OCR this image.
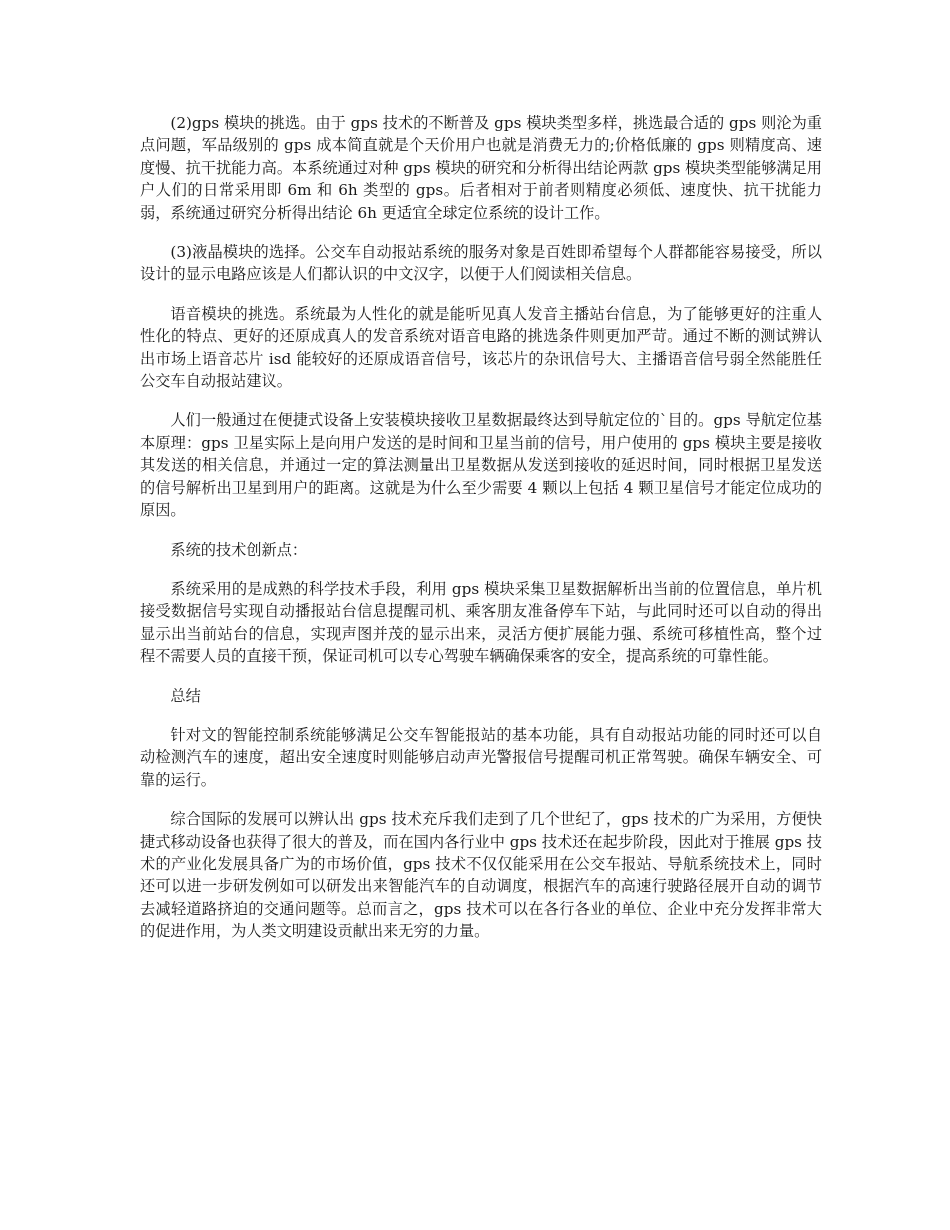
(2)gps 模块的挑选。由于 gps 技术的不断普及 gps 模块类型多样，挑选最合适的 gps 则沦为重点问题，军品级别的 gps 成本简直就是个天价用户也就是消费无力的;价格低廉的 gps 则精度高、速度慢、抗干扰能力高。本系统通过对种 gps 模块的研究和分析得出结论两款 gps 模块类型能够满足用户人们的日常采用即 6m 和 6h 类型的 gps。后者相对于前者则精度必须低、速度快、抗干扰能力弱，系统通过研究分析得出结论 6h 更适宜全球定位系统的设计工作。

(3)液晶模块的选择。公交车自动报站系统的服务对象是百姓即希望每个人群都能容易接受，所以设计的显示电路应该是人们都认识的中文汉字，以便于人们阅读相关信息。

语音模块的挑选。系统最为人性化的就是能听见真人发音主播站台信息，为了能够更好的注重人性化的特点、更好的还原成真人的发音系统对语音电路的挑选条件则更加严苛。通过不断的测试辨认出市场上语音芯片 isd 能较好的还原成语音信号，该芯片的杂讯信号大、主播语音信号弱全然能胜任公交车自动报站建议。

人们一般通过在便捷式设备上安装模块接收卫星数据最终达到导航定位的`目的。gps 导航定位基本原理：gps 卫星实际上是向用户发送的是时间和卫星当前的信号，用户使用的 gps 模块主要是接收其发送的相关信息，并通过一定的算法测量出卫星数据从发送到接收的延迟时间，同时根据卫星发送的信号解析出卫星到用户的距离。这就是为什么至少需要 4 颗以上包括 4 颗卫星信号才能定位成功的原因。

系统的技术创新点：

系统采用的是成熟的科学技术手段，利用 gps 模块采集卫星数据解析出当前的位置信息，单片机接受数据信号实现自动播报站台信息提醒司机、乘客朋友准备停车下站，与此同时还可以自动的得出显示出当前站台的信息，实现声图并茂的显示出来，灵活方便扩展能力强、系统可移植性高，整个过程不需要人员的直接干预，保证司机可以专心驾驶车辆确保乘客的安全，提高系统的可靠性能。

总结

针对文的智能控制系统能够满足公交车智能报站的基本功能，具有自动报站功能的同时还可以自动检测汽车的速度，超出安全速度时则能够启动声光警报信号提醒司机正常驾驶。确保车辆安全、可靠的运行。

综合国际的发展可以辨认出 gps 技术充斥我们走到了几个世纪了，gps 技术的广为采用，方便快捷式移动设备也获得了很大的普及，而在国内各行业中 gps 技术还在起步阶段，因此对于推展 gps 技术的产业化发展具备广为的市场价值，gps 技术不仅仅能采用在公交车报站、导航系统技术上，同时还可以进一步研发例如可以研发出来智能汽车的自动调度，根据汽车的高速行驶路径展开自动的调节去减轻道路挤迫的交通问题等。总而言之，gps 技术可以在各行各业的单位、企业中充分发挥非常大的促进作用，为人类文明建设贡献出来无穷的力量。
